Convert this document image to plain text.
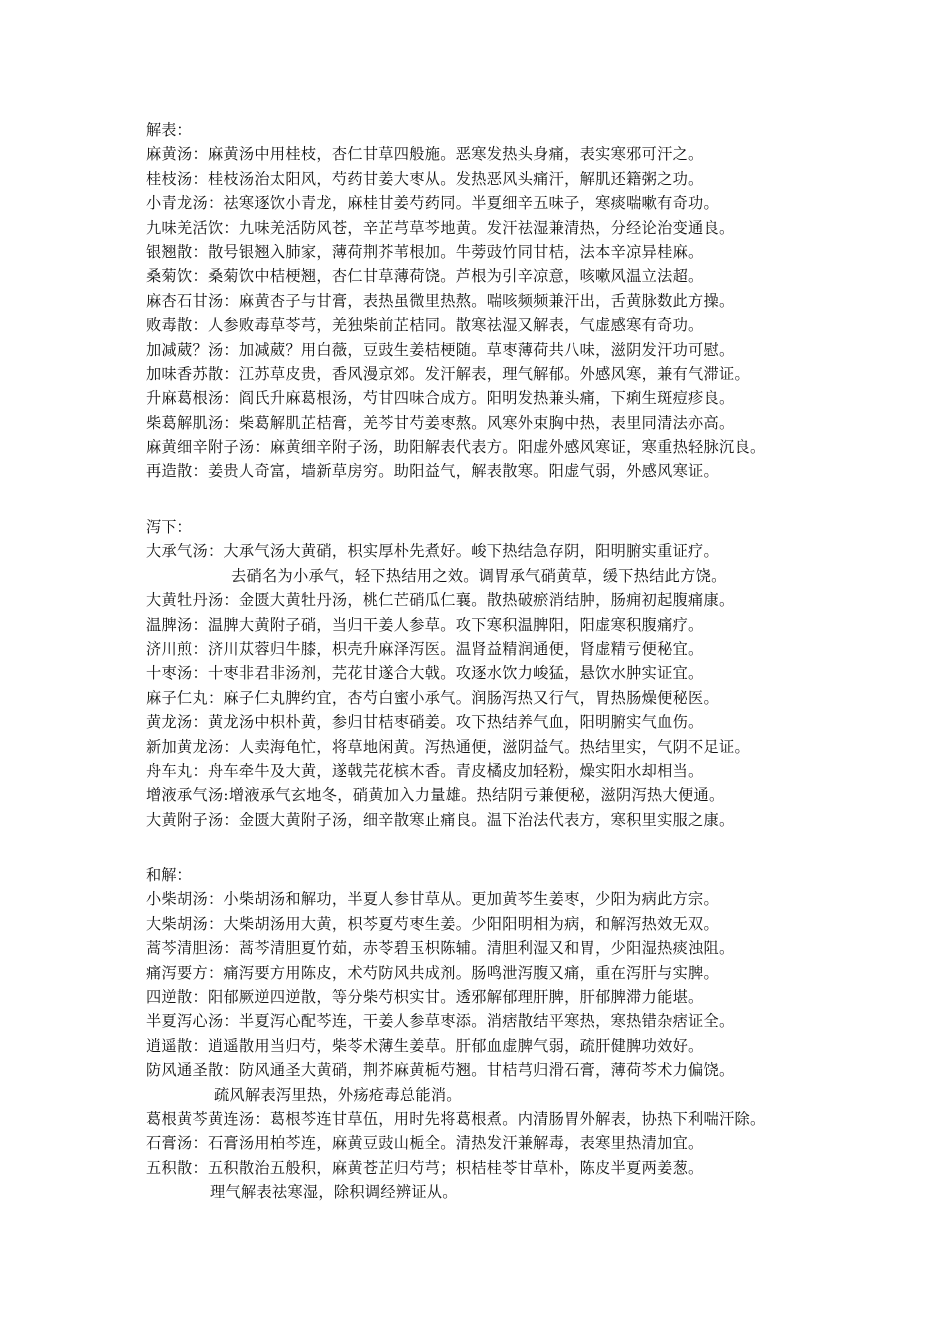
解表：
麻黄汤：麻黄汤中用桂枝，杏仁甘草四般施。恶寒发热头身痛，表实寒邪可汗之。
桂枝汤：桂枝汤治太阳风，芍药甘姜大枣从。发热恶风头痛汗，解肌还籍粥之功。
小青龙汤：祛寒逐饮小青龙，麻桂甘姜芍药同。半夏细辛五味子，寒痰喘嗽有奇功。
九味羌活饮：九味羌活防风苍，辛芷芎草芩地黄。发汗祛湿兼清热，分经论治变通良。
银翘散：散号银翘入肺家，薄荷荆芥苇根加。牛蒡豉竹同甘桔，法本辛凉异桂麻。
桑菊饮：桑菊饮中桔梗翘，杏仁甘草薄荷饶。芦根为引辛凉意，咳嗽风温立法超。
麻杏石甘汤：麻黄杏子与甘膏，表热虽微里热熬。喘咳频频兼汗出，舌黄脉数此方操。
败毒散：人参败毒草苓芎，羌独柴前芷桔同。散寒祛湿又解表，气虚感寒有奇功。
加减葳？汤：加减葳？用白薇，豆豉生姜桔梗随。草枣薄荷共八味，滋阴发汗功可慰。
加味香苏散：江苏草皮贵，香风漫京郊。发汗解表，理气解郁。外感风寒，兼有气滞证。
升麻葛根汤：阎氏升麻葛根汤，芍甘四味合成方。阳明发热兼头痛，下痢生斑痘疹良。
柴葛解肌汤：柴葛解肌芷桔膏，羌芩甘芍姜枣熬。风寒外束胸中热，表里同清法亦高。
麻黄细辛附子汤：麻黄细辛附子汤，助阳解表代表方。阳虚外感风寒证，寒重热轻脉沉良。
再造散：姜贵人奇富，墙新草房穷。助阳益气，解表散寒。阳虚气弱，外感风寒证。
泻下：
大承气汤：大承气汤大黄硝，枳实厚朴先煮好。峻下热结急存阴，阳明腑实重证疗。
去硝名为小承气，轻下热结用之效。调胃承气硝黄草，缓下热结此方饶。
大黄牡丹汤：金匮大黄牡丹汤，桃仁芒硝瓜仁襄。散热破瘀消结肿，肠痈初起腹痛康。
温脾汤：温脾大黄附子硝，当归干姜人参草。攻下寒积温脾阳，阳虚寒积腹痛疗。
济川煎：济川苁蓉归牛膝，枳壳升麻泽泻医。温肾益精润通便，肾虚精亏便秘宜。
十枣汤：十枣非君非汤剂，芫花甘遂合大戟。攻逐水饮力峻猛，悬饮水肿实证宜。
麻子仁丸：麻子仁丸脾约宜，杏芍白蜜小承气。润肠泻热又行气，胃热肠燥便秘医。
黄龙汤：黄龙汤中枳朴黄，参归甘桔枣硝姜。攻下热结养气血，阳明腑实气血伤。
新加黄龙汤：人卖海龟忙，将草地闲黄。泻热通便，滋阴益气。热结里实，气阴不足证。
舟车丸：舟车牵牛及大黄，遂戟芫花槟木香。青皮橘皮加轻粉，燥实阳水却相当。
增液承气汤:增液承气玄地冬，硝黄加入力量雄。热结阴亏兼便秘，滋阴泻热大便通。
大黄附子汤：金匮大黄附子汤，细辛散寒止痛良。温下治法代表方，寒积里实服之康。
和解：
小柴胡汤：小柴胡汤和解功，半夏人参甘草从。更加黄芩生姜枣，少阳为病此方宗。
大柴胡汤：大柴胡汤用大黄，枳芩夏芍枣生姜。少阳阳明相为病，和解泻热效无双。
蒿芩清胆汤：蒿芩清胆夏竹茹，赤苓碧玉枳陈辅。清胆利湿又和胃，少阳湿热痰浊阻。
痛泻要方：痛泻要方用陈皮，术芍防风共成剂。肠鸣泄泻腹又痛，重在泻肝与实脾。
四逆散：阳郁厥逆四逆散，等分柴芍枳实甘。透邪解郁理肝脾，肝郁脾滞力能堪。
半夏泻心汤：半夏泻心配芩连，干姜人参草枣添。消痞散结平寒热，寒热错杂痞证全。
逍遥散：逍遥散用当归芍，柴苓术薄生姜草。肝郁血虚脾气弱，疏肝健脾功效好。
防风通圣散：防风通圣大黄硝，荆芥麻黄栀芍翘。甘桔芎归滑石膏，薄荷芩术力偏饶。
疏风解表泻里热，外疡疮毒总能消。
葛根黄芩黄连汤：葛根芩连甘草伍，用时先将葛根煮。内清肠胃外解表，协热下利喘汗除。
石膏汤：石膏汤用柏芩连，麻黄豆豉山栀全。清热发汗兼解毒，表寒里热清加宜。
五积散：五积散治五般积，麻黄苍芷归芍芎；枳桔桂苓甘草朴，陈皮半夏两姜葱。
理气解表祛寒湿，除积调经辨证从。
